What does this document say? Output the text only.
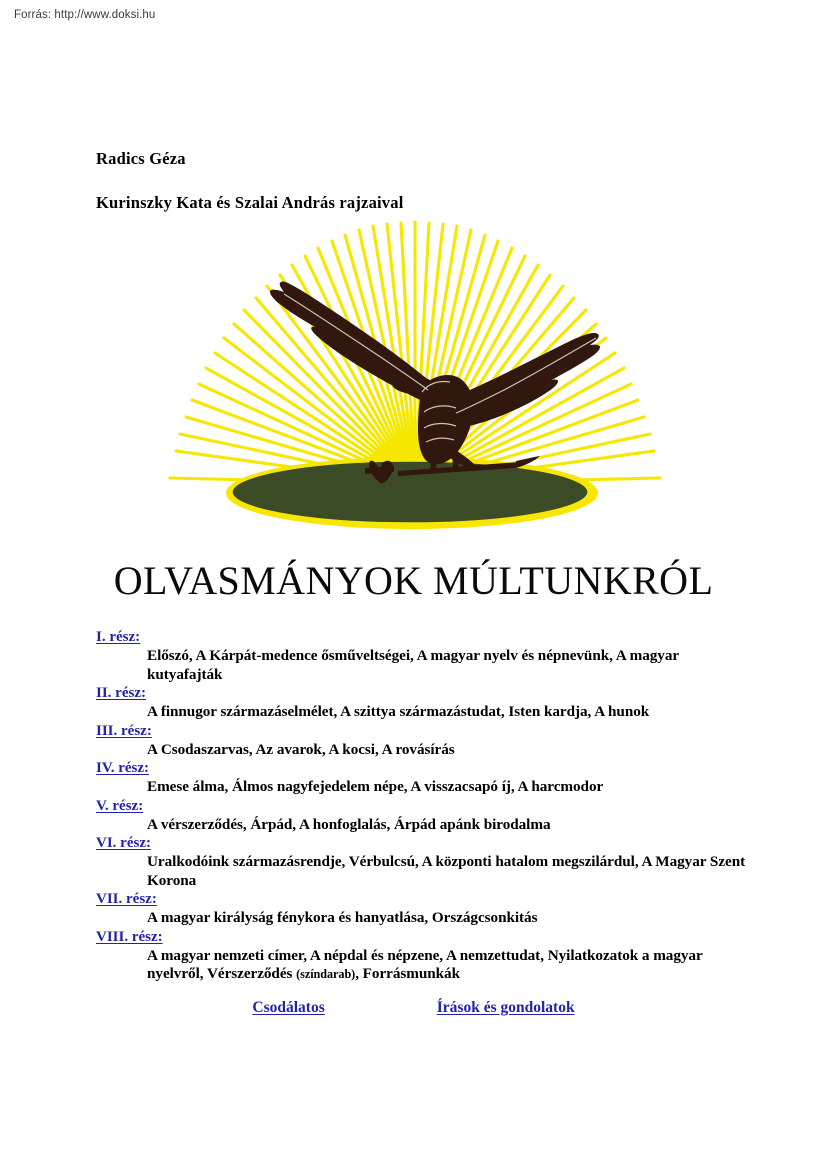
Forrás: http://www.doksi.hu
Radics Géza
Kurinszky Kata és Szalai András rajzaival
OLVASMÁNYOK MÚLTUNKRÓL
I. rész:
Előszó, A Kárpát-medence ősműveltségei, A magyar nyelv és népnevünk, A magyar kutyafajták
II. rész:
A finnugor származáselmélet, A szittya származástudat, Isten kardja, A hunok
III. rész:
A Csodaszarvas, Az avarok, A kocsi, A rovásírás
IV. rész:
Emese álma, Álmos nagyfejedelem népe, A visszacsapó íj, A harcmodor
V. rész:
A vérszerződés, Árpád, A honfoglalás, Árpád apánk birodalma
VI. rész:
Uralkodóink származásrendje, Vérbulcsú, A központi hatalom megszilárdul, A Magyar Szent Korona
VII. rész:
A magyar királyság fénykora és hanyatlása, Országcsonkitás
VIII. rész:
A magyar nemzeti címer, A népdal és népzene, A nemzettudat, Nyilatkozatok a magyar nyelvről, Vérszerződés (színdarab), Forrásmunkák
Csodálatos	Írások és gondolatok
